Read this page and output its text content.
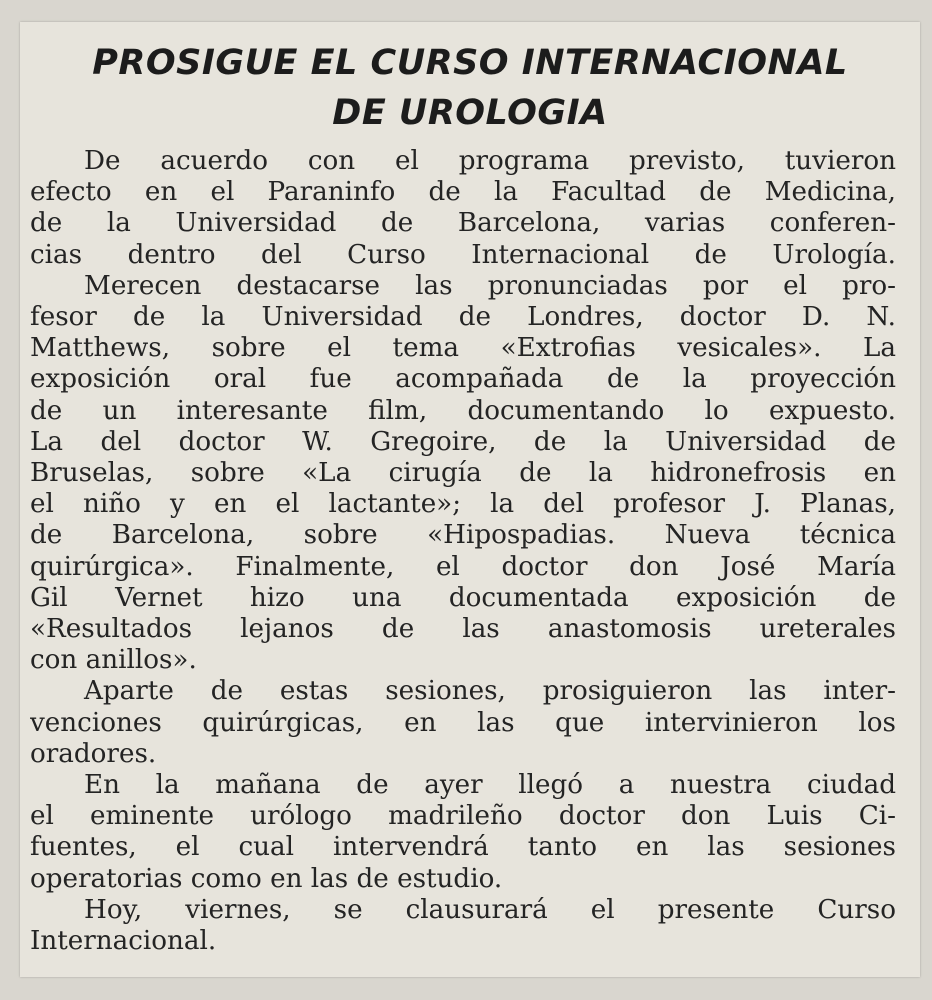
PROSIGUE EL CURSO INTERNACIONAL
DE UROLOGIA
De acuerdo con el programa previsto, tuvieron
efecto en el Paraninfo de la Facultad de Medicina,
de la Universidad de Barcelona, varias conferen-
cias dentro del Curso Internacional de Urología.
Merecen destacarse las pronunciadas por el pro-
fesor de la Universidad de Londres, doctor D. N.
Matthews, sobre el tema «Extrofias vesicales». La
exposición oral fue acompañada de la proyección
de un interesante film, documentando lo expuesto.
La del doctor W. Gregoire, de la Universidad de
Bruselas, sobre «La cirugía de la hidronefrosis en
el niño y en el lactante»; la del profesor J. Planas,
de Barcelona, sobre «Hipospadias. Nueva técnica
quirúrgica». Finalmente, el doctor don José María
Gil Vernet hizo una documentada exposición de
«Resultados lejanos de las anastomosis ureterales
con anillos».
Aparte de estas sesiones, prosiguieron las inter-
venciones quirúrgicas, en las que intervinieron los
oradores.
En la mañana de ayer llegó a nuestra ciudad
el eminente urólogo madrileño doctor don Luis Ci-
fuentes, el cual intervendrá tanto en las sesiones
operatorias como en las de estudio.
Hoy, viernes, se clausurará el presente Curso
Internacional.
